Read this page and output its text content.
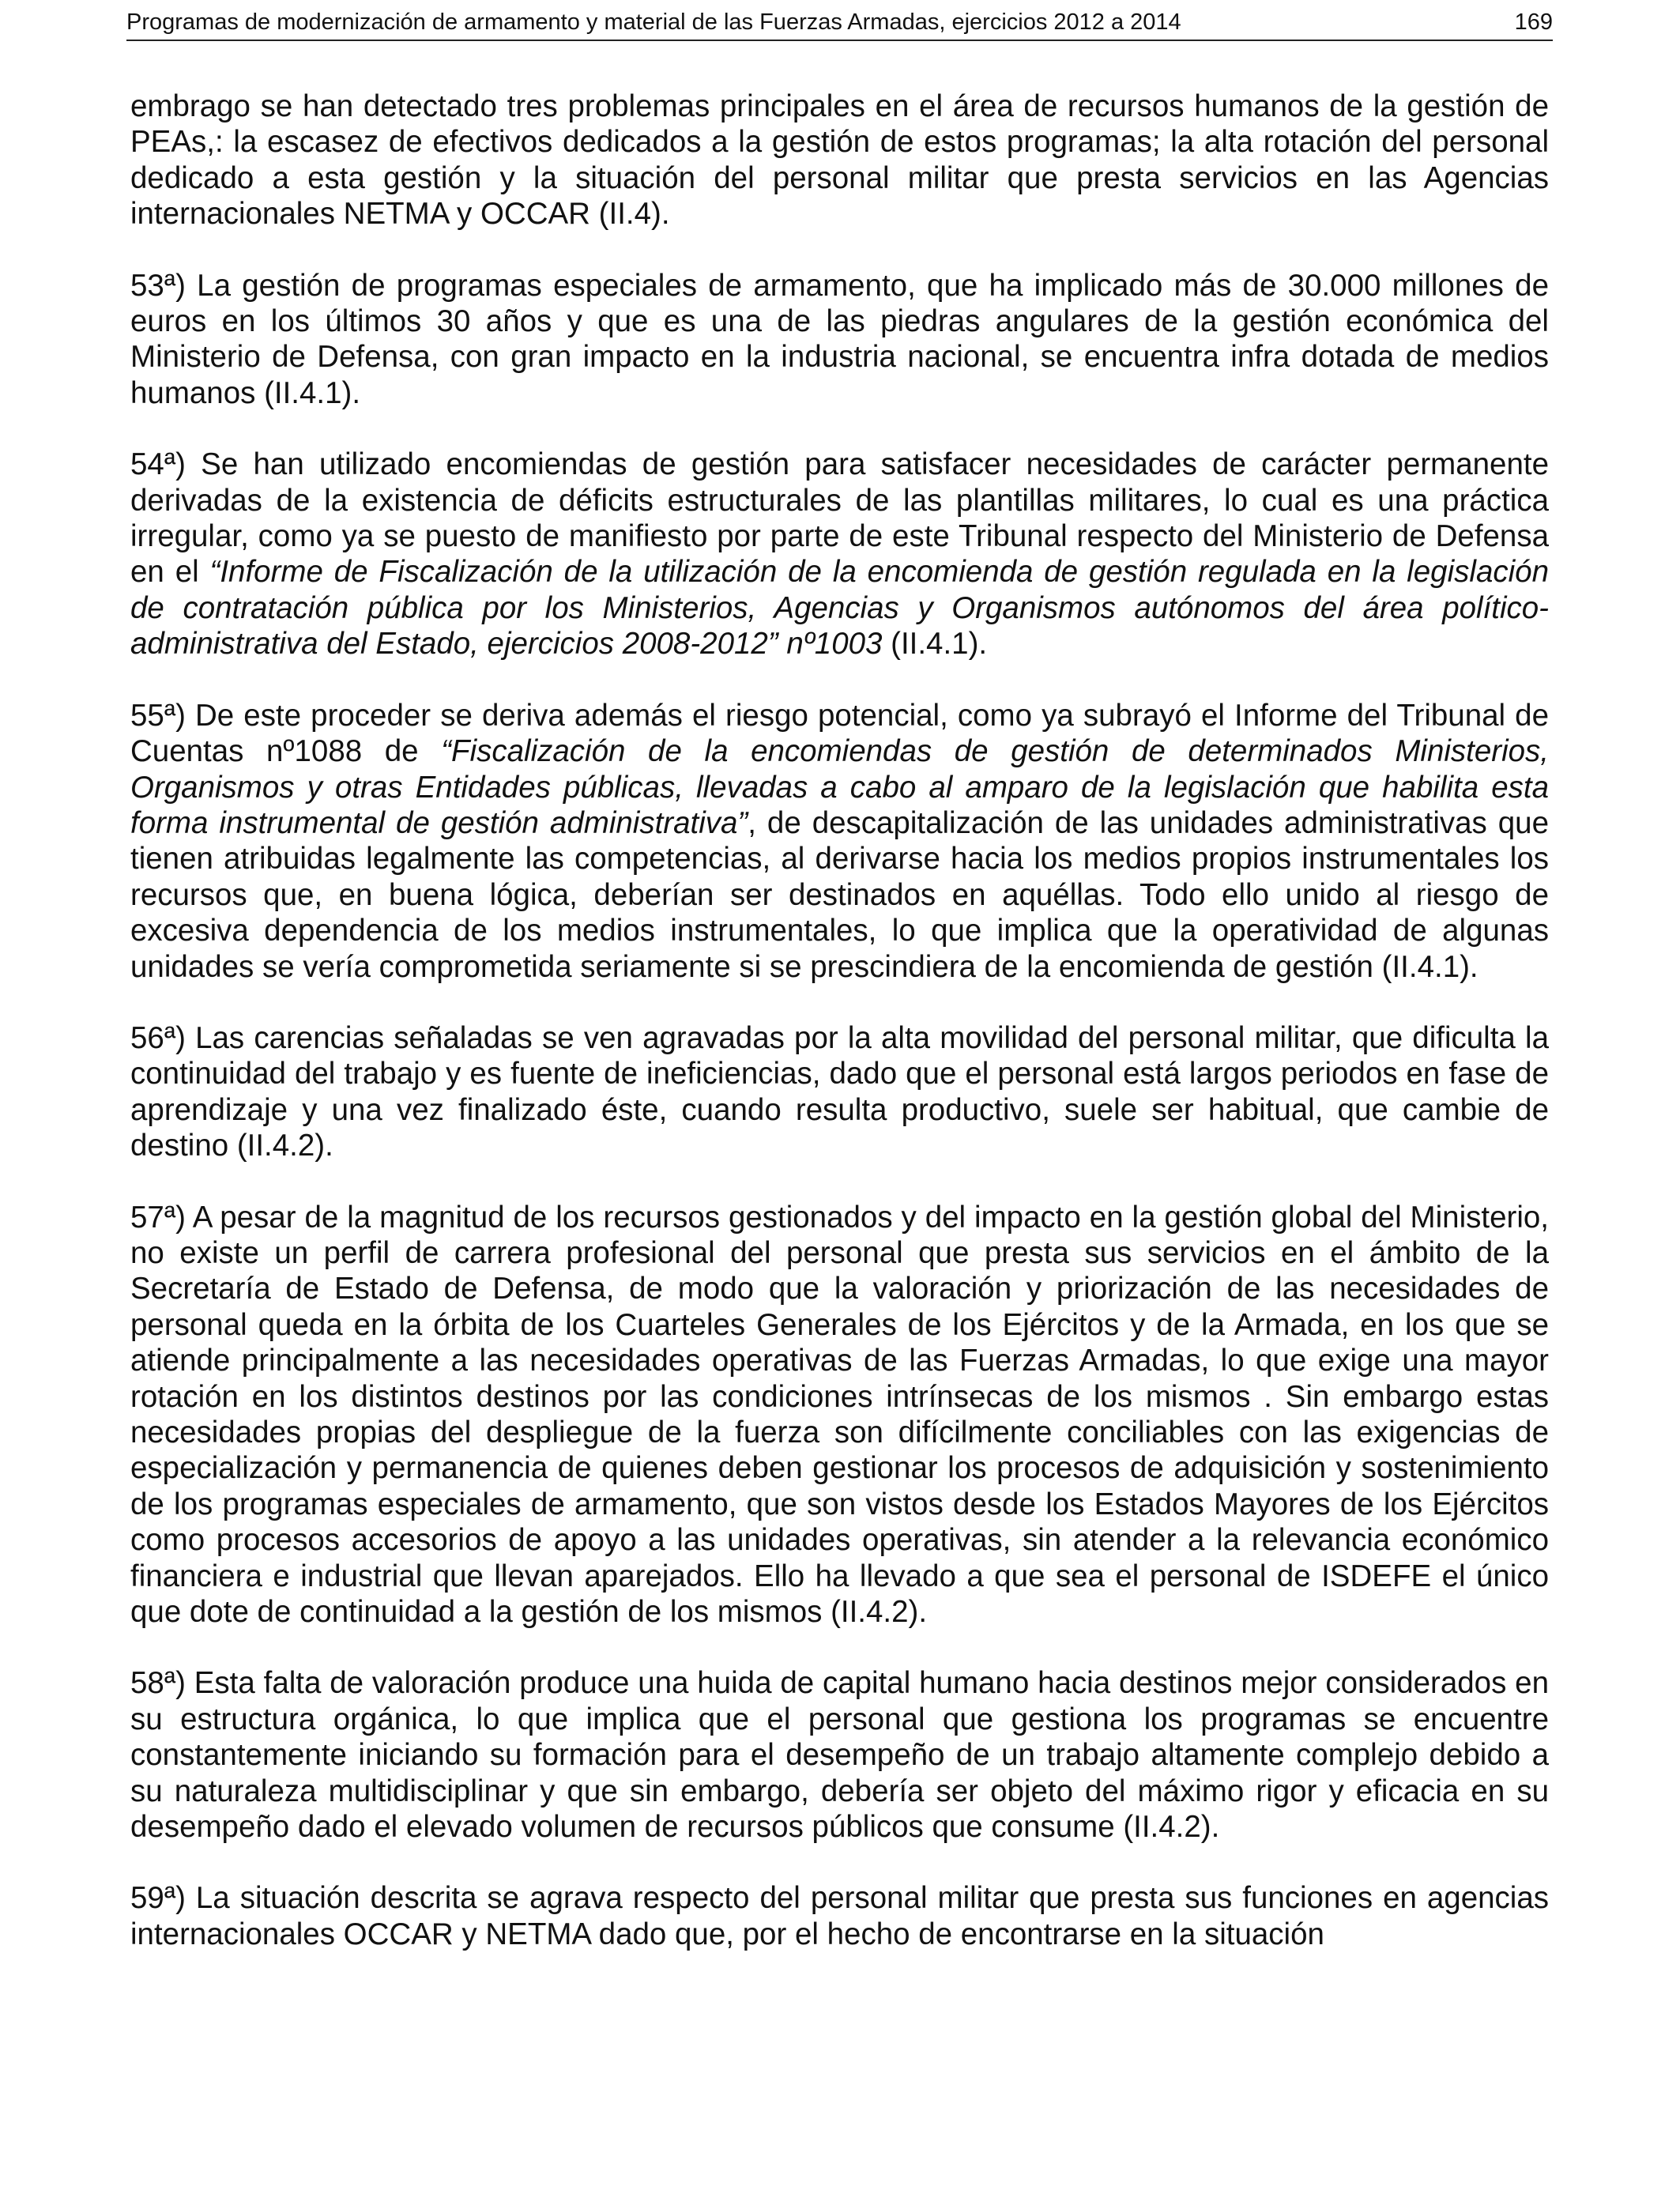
Programas de modernización de armamento y material de las Fuerzas Armadas, ejercicios 2012 a 2014	169

embrago se han detectado tres problemas principales en el área de recursos humanos de la gestión de PEAs,: la escasez de efectivos dedicados a la gestión de estos programas; la alta rotación del personal dedicado a esta gestión y la situación del personal militar que presta servicios en las Agencias internacionales NETMA y OCCAR (II.4).

53ª) La gestión de programas especiales de armamento, que ha implicado más de 30.000 millones de euros en los últimos 30 años y que es una de las piedras angulares de la gestión económica del Ministerio de Defensa, con gran impacto en la industria nacional, se encuentra infra dotada de medios humanos (II.4.1).

54ª) Se han utilizado encomiendas de gestión para satisfacer necesidades de carácter permanente derivadas de la existencia de déficits estructurales de las plantillas militares, lo cual es una práctica irregular, como ya se puesto de manifiesto por parte de este Tribunal respecto del Ministerio de Defensa en el “Informe de Fiscalización de la utilización de la encomienda de gestión regulada en la legislación de contratación pública por los Ministerios, Agencias y Organismos autónomos del área político-administrativa del Estado, ejercicios 2008-2012” nº1003 (II.4.1).

55ª) De este proceder se deriva además el riesgo potencial, como ya subrayó el Informe del Tribunal de Cuentas nº1088 de “Fiscalización de la encomiendas de gestión de determinados Ministerios, Organismos y otras Entidades públicas, llevadas a cabo al amparo de la legislación que habilita esta forma instrumental de gestión administrativa”, de descapitalización de las unidades administrativas que tienen atribuidas legalmente las competencias, al derivarse hacia los medios propios instrumentales los recursos que, en buena lógica, deberían ser destinados en aquéllas. Todo ello unido al riesgo de excesiva dependencia de los medios instrumentales, lo que implica que la operatividad de algunas unidades se vería comprometida seriamente si se prescindiera de la encomienda de gestión (II.4.1).

56ª) Las carencias señaladas se ven agravadas por la alta movilidad del personal militar, que dificulta la continuidad del trabajo y es fuente de ineficiencias, dado que el personal está largos periodos en fase de aprendizaje y una vez finalizado éste, cuando resulta productivo, suele ser habitual, que cambie de destino (II.4.2).

57ª) A pesar de la magnitud de los recursos gestionados y del impacto en la gestión global del Ministerio, no existe un perfil de carrera profesional del personal que presta sus servicios en el ámbito de la Secretaría de Estado de Defensa, de modo que la valoración y priorización de las necesidades de personal queda en la órbita de los Cuarteles Generales de los Ejércitos y de la Armada, en los que se atiende principalmente a las necesidades operativas de las Fuerzas Armadas, lo que exige una mayor rotación en los distintos destinos por las condiciones intrínsecas de los mismos . Sin embargo estas necesidades propias del despliegue de la fuerza son difícilmente conciliables con las exigencias de especialización y permanencia de quienes deben gestionar los procesos de adquisición y sostenimiento de los programas especiales de armamento, que son vistos desde los Estados Mayores de los Ejércitos como procesos accesorios de apoyo a las unidades operativas, sin atender a la relevancia económico financiera e industrial que llevan aparejados. Ello ha llevado a que sea el personal de ISDEFE el único que dote de continuidad a la gestión de los mismos (II.4.2).

58ª) Esta falta de valoración produce una huida de capital humano hacia destinos mejor considerados en su estructura orgánica, lo que implica que el personal que gestiona los programas se encuentre constantemente iniciando su formación para el desempeño de un trabajo altamente complejo debido a su naturaleza multidisciplinar y que sin embargo, debería ser objeto del máximo rigor y eficacia en su desempeño dado el elevado volumen de recursos públicos que consume (II.4.2).

59ª) La situación descrita se agrava respecto del personal militar que presta sus funciones en agencias internacionales OCCAR y NETMA dado que, por el hecho de encontrarse en la situación
